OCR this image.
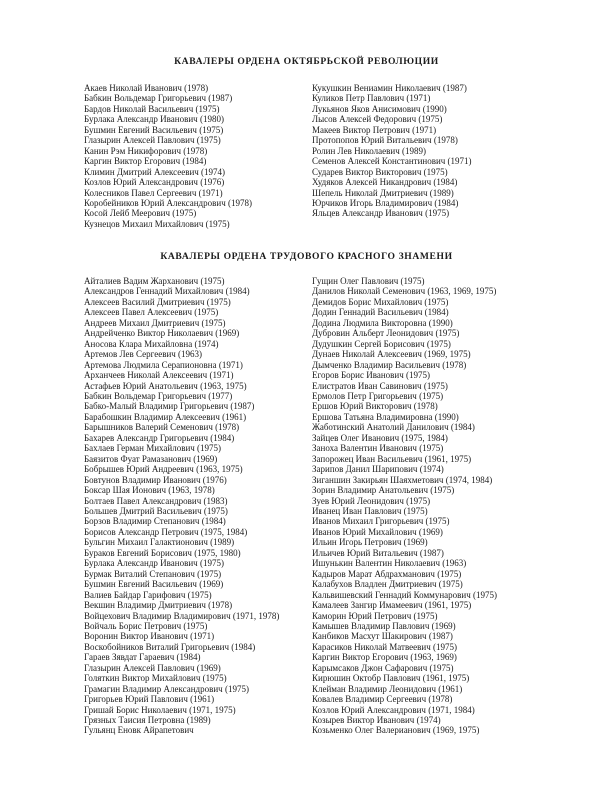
КАВАЛЕРЫ ОРДЕНА ОКТЯБРЬСКОЙ РЕВОЛЮЦИИ
Акаев Николай Иванович (1978)
Бабкин Вольдемар Григорьевич (1987)
Бардов Николай Васильевич (1975)
Бурлака Александр Иванович (1980)
Бушмин Евгений Васильевич (1975)
Глазырин Алексей Павлович (1975)
Канин Рэм Никифорович (1978)
Каргин Виктор Егорович (1984)
Климин Дмитрий Алексеевич (1974)
Козлов Юрий Александрович (1976)
Колесников Павел Сергеевич (1971)
Коробейников Юрий Александрович (1978)
Косой Лейб Меерович (1975)
Кузнецов Михаил Михайлович (1975)
Кукушкин Вениамин Николаевич (1987)
Куликов Петр Павлович (1971)
Лукьянов Яков Анисимович (1990)
Лысов Алексей Федорович (1975)
Макеев Виктор Петрович (1971)
Протопопов Юрий Витальевич (1978)
Ролин Лев Николаевич (1989)
Семенов Алексей Константинович (1971)
Сударев Виктор Викторович (1975)
Худяков Алексей Никандрович (1984)
Шепель Николай Дмитриевич (1989)
Юрчиков Игорь Владимирович (1984)
Яльцев Александр Иванович (1975)
КАВАЛЕРЫ ОРДЕНА ТРУДОВОГО КРАСНОГО ЗНАМЕНИ
Айталиев Вадим Жарханович (1975)
Александров Геннадий Михайлович (1984)
Алексеев Василий Дмитриевич (1975)
Алексеев Павел Алексеевич (1975)
Андреев Михаил Дмитриевич (1975)
Андрейченко Виктор Николаевич (1969)
Аносова Клара Михайловна (1974)
Артемов Лев Сергеевич (1963)
Артемова Людмила Серапионовна (1971)
Арханчеев Николай Алексеевич (1971)
Астафьев Юрий Анатольевич (1963, 1975)
Бабкин Вольдемар Григорьевич (1977)
Бабко-Малый Владимир Григорьевич (1987)
Барабошкин Владимир Алексеевич (1961)
Барышников Валерий Семенович (1978)
Бахарев Александр Григорьевич (1984)
Бахлаев Герман Михайлович (1975)
Баязитов Фуат Рамазанович (1969)
Бобрышев Юрий Андреевич (1963, 1975)
Бовтунов Владимир Иванович (1976)
Боксар Шая Ионович (1963, 1978)
Болтаев Павел Александрович (1983)
Большев Дмитрий Васильевич (1975)
Борзов Владимир Степанович (1984)
Борисов Александр Петрович (1975, 1984)
Бульгин Михаил Галактионович (1989)
Бураков Евгений Борисович (1975, 1980)
Бурлака Александр Иванович (1975)
Бурмак Виталий Степанович (1975)
Бушмин Евгений Васильевич (1969)
Валиев Байдар Гарифович (1975)
Векшин Владимир Дмитриевич (1978)
Войцехович Владимир Владимирович (1971, 1978)
Войчаль Борис Петрович (1975)
Воронин Виктор Иванович (1971)
Воскобойников Виталий Григорьевич (1984)
Гараев Зявдат Гараевич (1984)
Глазырин Алексей Павлович (1969)
Голяткин Виктор Михайлович (1975)
Грамагин Владимир Александрович (1975)
Григорьев Юрий Павлович (1961)
Гришай Борис Николаевич (1971, 1975)
Грязных Таисия Петровна (1989)
Гульянц Еновк Айрапетович
Гущин Олег Павлович (1975)
Данилов Николай Семенович (1963, 1969, 1975)
Демидов Борис Михайлович (1975)
Додин Геннадий Васильевич (1984)
Додина Людмила Викторовна (1990)
Дубровин Альберт Леонидович (1975)
Дудушкин Сергей Борисович (1975)
Дунаев Николай Алексеевич (1969, 1975)
Дымченко Владимир Васильевич (1978)
Егоров Борис Иванович (1975)
Елистратов Иван Савинович (1975)
Ермолов Петр Григорьевич (1975)
Ершов Юрий Викторович (1978)
Ершова Татьяна Владимировна (1990)
Жаботинский Анатолий Данилович (1984)
Зайцев Олег Иванович (1975, 1984)
Заноха Валентин Иванович (1975)
Запорожец Иван Васильевич (1961, 1975)
Зарипов Данил Шарипович (1974)
Зиганшин Закирьян Шаяхметович (1974, 1984)
Зорин Владимир Анатольевич (1975)
Зуев Юрий Леонидович (1975)
Иванец Иван Павлович (1975)
Иванов Михаил Григорьевич (1975)
Иванов Юрий Михайлович (1969)
Ильин Игорь Петрович (1969)
Ильичев Юрий Витальевич (1987)
Ишунькин Валентин Николаевич (1963)
Кадыров Марат Абдрахманович (1975)
Калабухов Владлен Дмитриевич (1975)
Кальвишевский Геннадий Коммунарович (1975)
Камалеев Зангир Имамеевич (1961, 1975)
Каморин Юрий Петрович (1975)
Камышев Владимир Павлович (1969)
Канбиков Масхут Шакирович (1987)
Карасиков Николай Матвеевич (1975)
Каргин Виктор Егорович (1963, 1969)
Карымсаков Джон Сафарович (1975)
Кирюшин Октобр Павлович (1961, 1975)
Клейман Владимир Леонидович (1961)
Ковалев Владимир Сергеевич (1978)
Козлов Юрий Александрович (1971, 1984)
Козырев Виктор Иванович (1974)
Козьменко Олег Валерианович (1969, 1975)
